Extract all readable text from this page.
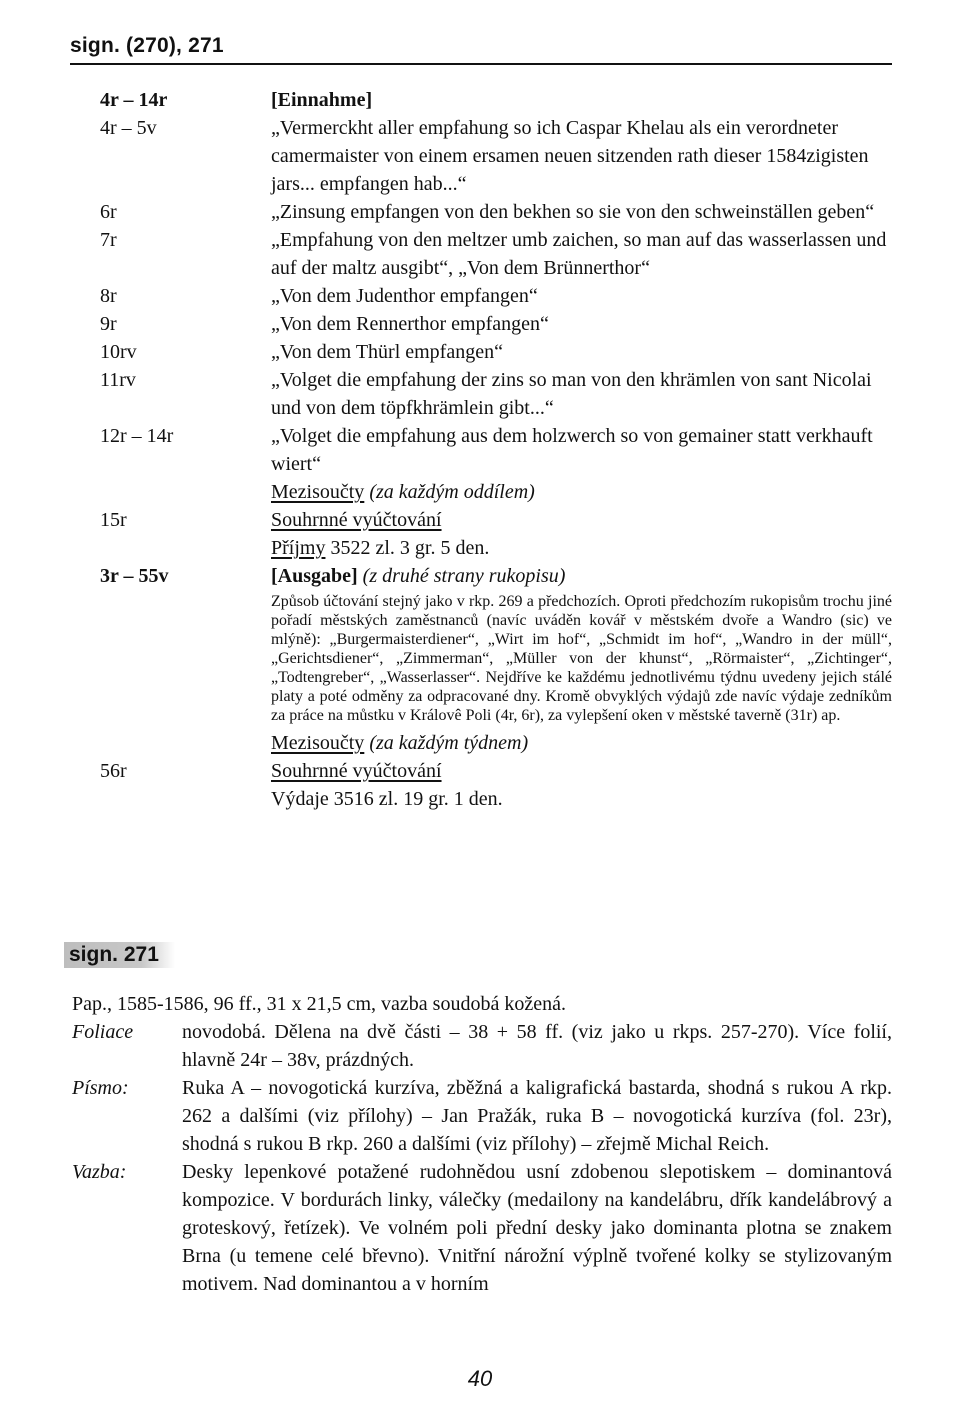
sign. (270), 271
4r – 14r	[Einnahme]
4r – 5v	„Vermerckht aller empfahung so ich Caspar Khelau als ein verordneter camermaister von einem ersamen neuen sitzenden rath dieser 1584zigisten jars... empfangen hab...“
6r	„Zinsung empfangen von den bekhen so sie von den schweinställen geben“
7r	„Empfahung von den meltzer umb zaichen, so man auf das wasserlassen und auf der maltz ausgibt“, „Von dem Brünnerthor“
8r	„Von dem Judenthor empfangen“
9r	„Von dem Rennerthor empfangen“
10rv	„Von dem Thürl empfangen“
11rv	„Volget die empfahung der zins so man von den khrämlen von sant Nicolai und von dem töpfkhrämlein gibt...“
12r – 14r	„Volget die empfahung aus dem holzwerch so von gemainer statt verkhauft wiert“
Mezisoučty (za každým oddílem)
15r	Souhrnné vyúčtování
Příjmy 3522 zl. 3 gr. 5 den.
3r – 55v	[Ausgabe] (z druhé strany rukopisu)
Způsob účtování stejný jako v rkp. 269 a předchozích. Oproti předchozím rukopisům trochu jiné pořadí městských zaměstnanců (navíc uváděn kovář v městském dvoře a Wandro (sic) ve mlýně): „Burgermaisterdiener“, „Wirt im hof“, „Schmidt im hof“, „Wandro in der müll“, „Gerichtsdiener“, „Zimmerman“, „Müller von der khunst“, „Rörmaister“, „Zichtinger“, „Todtengreber“, „Wasserlasser“. Nejdříve ke každému jednotlivému týdnu uvedeny jejich stálé platy a poté odměny za odpracované dny. Kromě obvyklých výdajů zde navíc výdaje zedníkům za práce na můstku v Královê Poli (4r, 6r), za vylepšení oken v městské taverně (31r) ap.
Mezisoučty (za každým týdnem)
56r	Souhrnné vyúčtování
Výdaje 3516 zl. 19 gr. 1 den.
sign. 271
Pap., 1585-1586, 96 ff., 31 x 21,5 cm, vazba soudobá kožená.
Foliace	novodobá. Dělena na dvě části – 38 + 58 ff. (viz jako u rkps. 257-270). Více folií, hlavně 24r – 38v, prázdných.
Písmo:	Ruka A – novogotická kurzíva, zběžná a kaligrafická bastarda, shodná s rukou A rkp. 262 a dalšími (viz přílohy) – Jan Pražák, ruka B – novogotická kurzíva (fol. 23r), shodná s rukou B rkp. 260 a dalšími (viz přílohy) – zřejmě Michal Reich.
Vazba:	Desky lepenkové potažené rudohnědou usní zdobenou slepotiskem – dominantová kompozice. V bordurách linky, válečky (medailony na kandelábru, dřík kandelábrový a groteskový, řetízek). Ve volném poli přední desky jako dominanta plotna se znakem Brna (u temene celé břevno). Vnitřní nárožní výplně tvořené kolky se stylizovaným motivem. Nad dominantou a v horním
40
